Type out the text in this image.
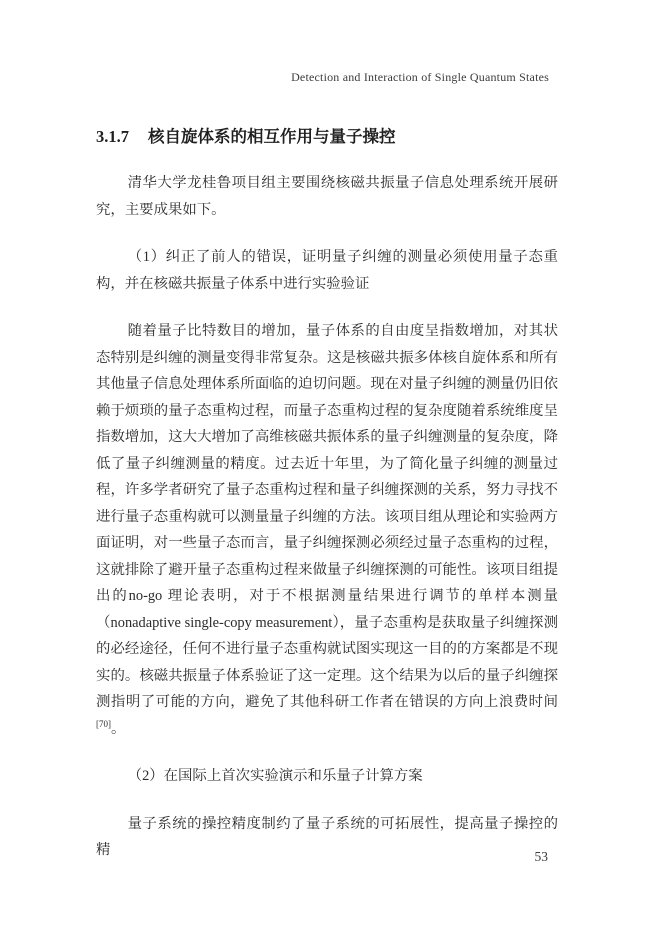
Detection and Interaction of Single Quantum States
3.1.7 核自旋体系的相互作用与量子操控

清华大学龙桂鲁项目组主要围绕核磁共振量子信息处理系统开展研究，主要成果如下。

（1）纠正了前人的错误，证明量子纠缠的测量必须使用量子态重构，并在核磁共振量子体系中进行实验验证

随着量子比特数目的增加，量子体系的自由度呈指数增加，对其状态特别是纠缠的测量变得非常复杂。这是核磁共振多体核自旋体系和所有其他量子信息处理体系所面临的迫切问题。现在对量子纠缠的测量仍旧依赖于烦琐的量子态重构过程，而量子态重构过程的复杂度随着系统维度呈指数增加，这大大增加了高维核磁共振体系的量子纠缠测量的复杂度，降低了量子纠缠测量的精度。过去近十年里，为了简化量子纠缠的测量过程，许多学者研究了量子态重构过程和量子纠缠探测的关系，努力寻找不进行量子态重构就可以测量量子纠缠的方法。该项目组从理论和实验两方面证明，对一些量子态而言，量子纠缠探测必须经过量子态重构的过程，这就排除了避开量子态重构过程来做量子纠缠探测的可能性。该项目组提出的no-go 理论表明，对于不根据测量结果进行调节的单样本测量（nonadaptive single-copy measurement），量子态重构是获取量子纠缠探测的必经途径，任何不进行量子态重构就试图实现这一目的的方案都是不现实的。核磁共振量子体系验证了这一定理。这个结果为以后的量子纠缠探测指明了可能的方向，避免了其他科研工作者在错误的方向上浪费时间[70]。

（2）在国际上首次实验演示和乐量子计算方案

量子系统的操控精度制约了量子系统的可拓展性，提高量子操控的精	53
